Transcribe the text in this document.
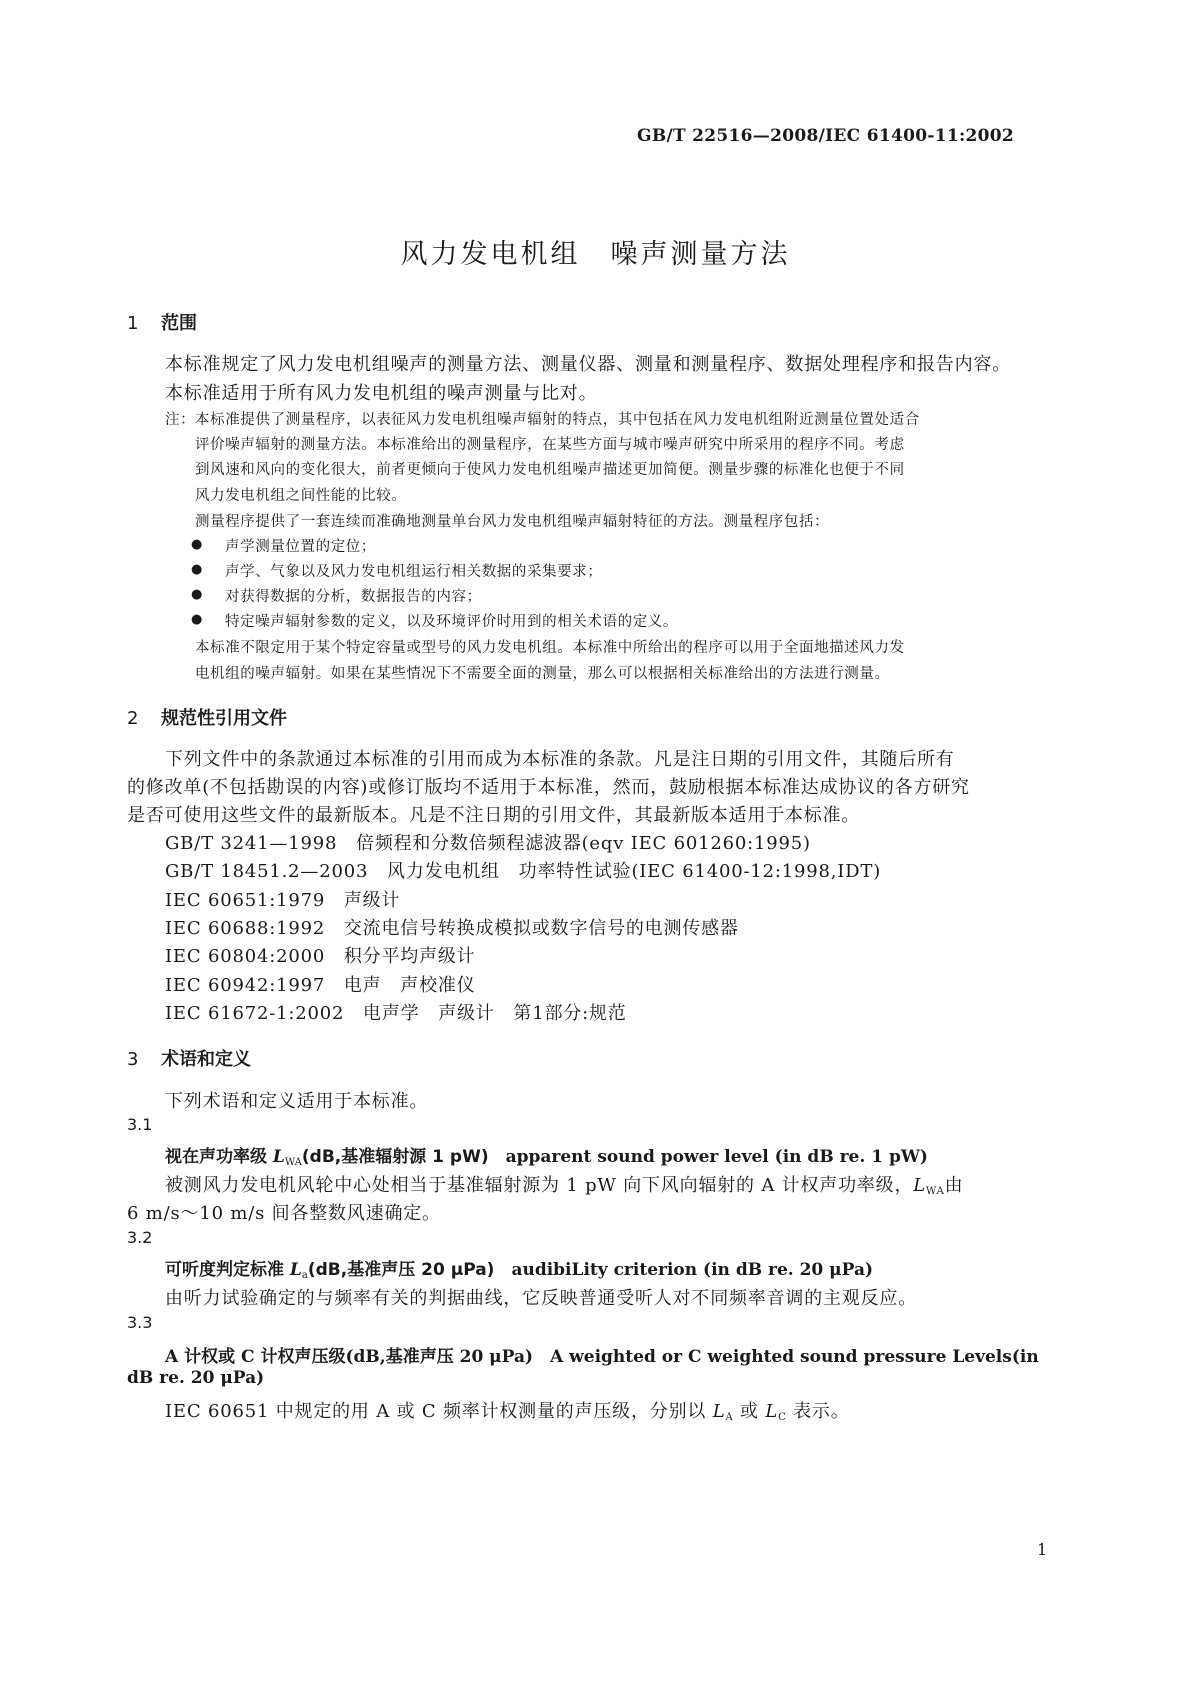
GB/T 22516—2008/IEC 61400-11:2002
风力发电机组　噪声测量方法
1 范围
本标准规定了风力发电机组噪声的测量方法、测量仪器、测量和测量程序、数据处理程序和报告内容。
本标准适用于所有风力发电机组的噪声测量与比对。
注： 本标准提供了测量程序，以表征风力发电机组噪声辐射的特点，其中包括在风力发电机组附近测量位置处适合
评价噪声辐射的测量方法。本标准给出的测量程序，在某些方面与城市噪声研究中所采用的程序不同。考虑
到风速和风向的变化很大，前者更倾向于使风力发电机组噪声描述更加简便。测量步骤的标准化也便于不同
风力发电机组之间性能的比较。
测量程序提供了一套连续而准确地测量单台风力发电机组噪声辐射特征的方法。测量程序包括：
● 声学测量位置的定位；
● 声学、气象以及风力发电机组运行相关数据的采集要求；
● 对获得数据的分析，数据报告的内容；
● 特定噪声辐射参数的定义，以及环境评价时用到的相关术语的定义。
本标准不限定用于某个特定容量或型号的风力发电机组。本标准中所给出的程序可以用于全面地描述风力发
电机组的噪声辐射。如果在某些情况下不需要全面的测量，那么可以根据相关标准给出的方法进行测量。
2 规范性引用文件
下列文件中的条款通过本标准的引用而成为本标准的条款。凡是注日期的引用文件，其随后所有
的修改单(不包括勘误的内容)或修订版均不适用于本标准，然而，鼓励根据本标准达成协议的各方研究
是否可使用这些文件的最新版本。凡是不注日期的引用文件，其最新版本适用于本标准。
GB/T 3241—1998　倍频程和分数倍频程滤波器(eqv IEC 601260:1995)
GB/T 18451.2—2003　风力发电机组　功率特性试验(IEC 61400-12:1998,IDT)
IEC 60651:1979　声级计
IEC 60688:1992　交流电信号转换成模拟或数字信号的电测传感器
IEC 60804:2000　积分平均声级计
IEC 60942:1997　电声　声校准仪
IEC 61672-1:2002　电声学　声级计　第1部分:规范
3 术语和定义
下列术语和定义适用于本标准。
3.1
视在声功率级 $L_{WA}(dB$,基准辐射源 1 pW)　 apparent sound power level (in dB re. 1 pW)
被测风力发电机风轮中心处相当于基准辐射源为 1 pW 向下风向辐射的 A 计权声功率级，$L_{WA}$由
6 m/s～10 m/s 间各整数风速确定。
3.2
可听度判定标准 $L_a(dB$,基准声压 20 μPa)　 audibiLity criterion (in dB re. 20 μPa)
由听力试验确定的与频率有关的判据曲线，它反映普通受听人对不同频率音调的主观反应。
3.3
A 计权或 C 计权声压级(dB,基准声压 20 μPa)　A weighted or C weighted sound pressure Levels(in
dB re. 20 μPa)
IEC 60651 中规定的用 A 或 C 频率计权测量的声压级，分别以 $L_A$ 或 $L_C$ 表示。
1
